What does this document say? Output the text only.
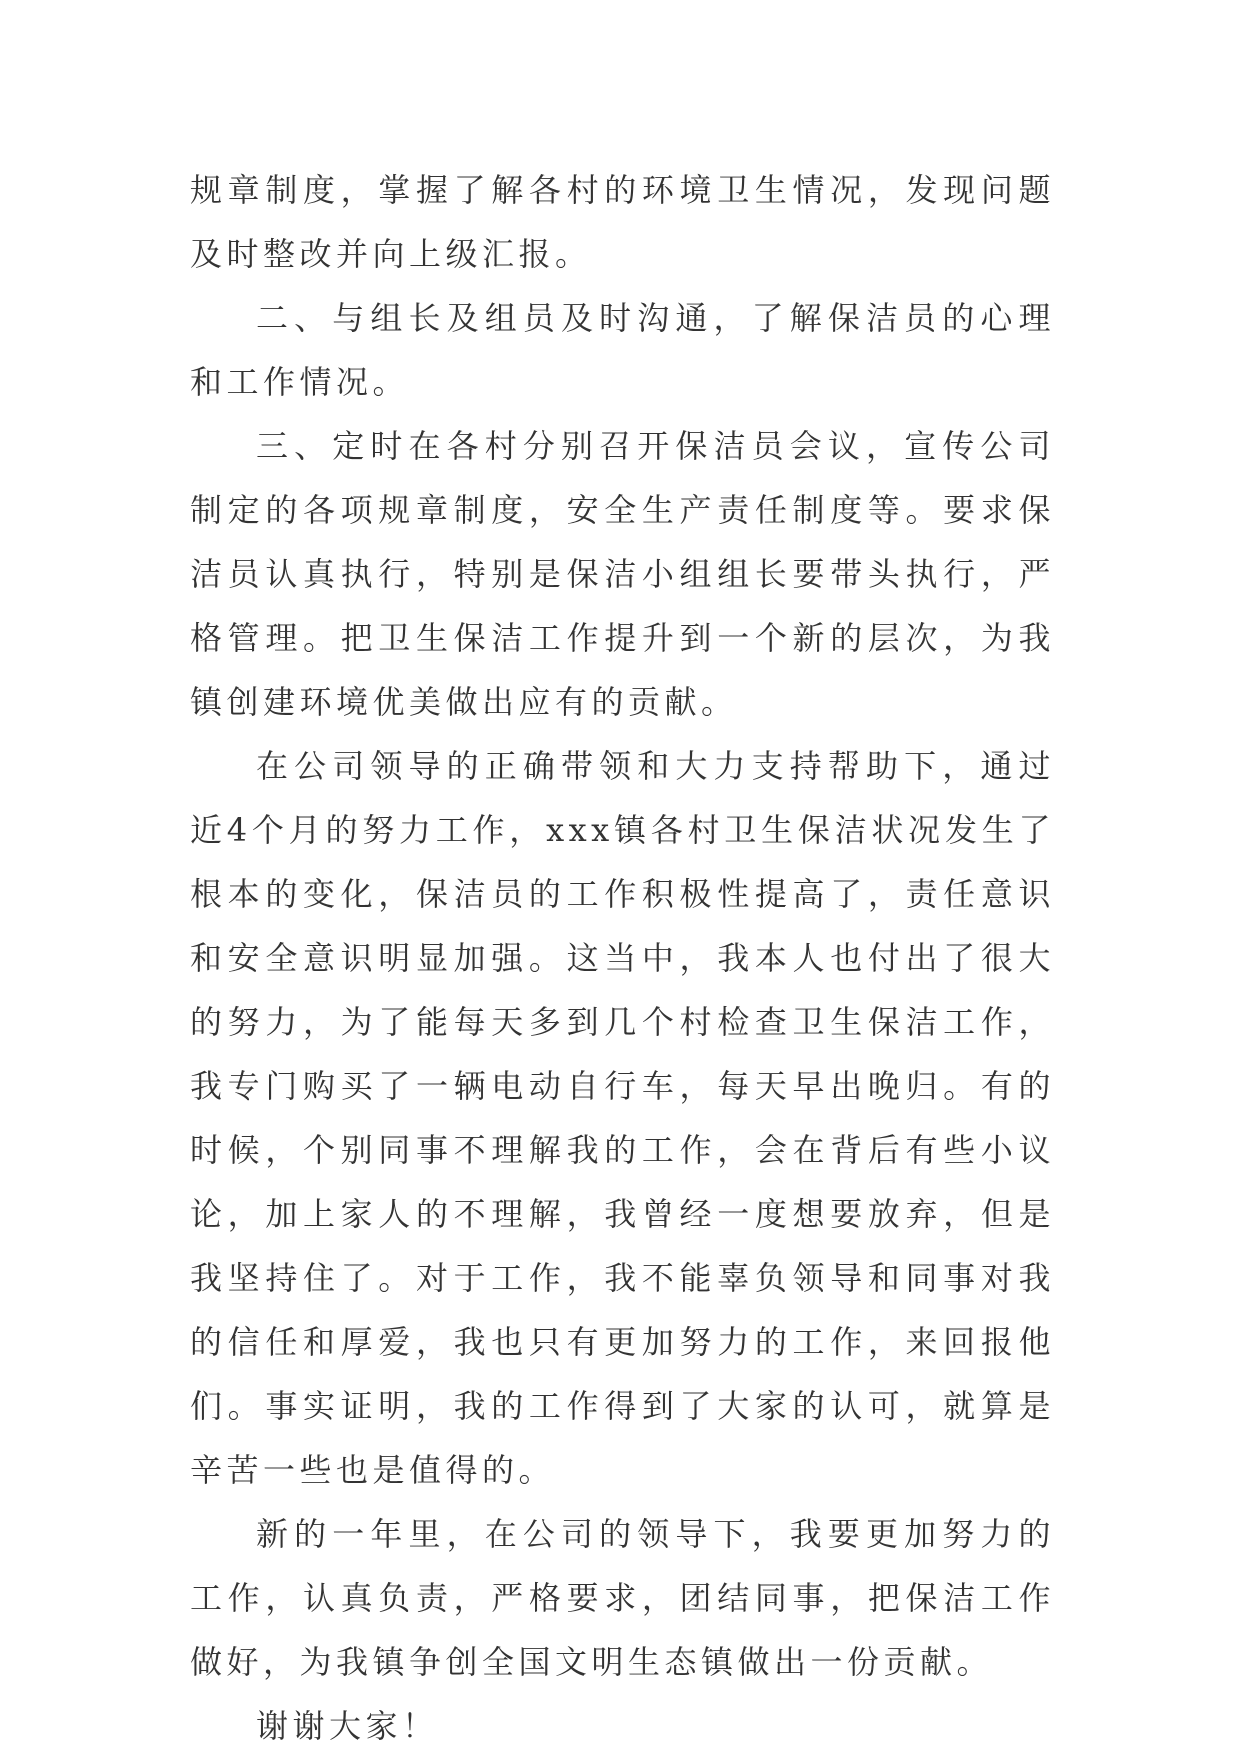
规章制度，掌握了解各村的环境卫生情况，发现问题及时整改并向上级汇报。

二、与组长及组员及时沟通，了解保洁员的心理和工作情况。

三、定时在各村分别召开保洁员会议，宣传公司制定的各项规章制度，安全生产责任制度等。要求保洁员认真执行，特别是保洁小组组长要带头执行，严格管理。把卫生保洁工作提升到一个新的层次，为我镇创建环境优美做出应有的贡献。

在公司领导的正确带领和大力支持帮助下，通过近4个月的努力工作，xxx镇各村卫生保洁状况发生了根本的变化，保洁员的工作积极性提高了，责任意识和安全意识明显加强。这当中，我本人也付出了很大的努力，为了能每天多到几个村检查卫生保洁工作，我专门购买了一辆电动自行车，每天早出晚归。有的时候，个别同事不理解我的工作，会在背后有些小议论，加上家人的不理解，我曾经一度想要放弃，但是我坚持住了。对于工作，我不能辜负领导和同事对我的信任和厚爱，我也只有更加努力的工作，来回报他们。事实证明，我的工作得到了大家的认可，就算是辛苦一些也是值得的。

新的一年里，在公司的领导下，我要更加努力的工作，认真负责，严格要求，团结同事，把保洁工作做好，为我镇争创全国文明生态镇做出一份贡献。

谢谢大家！
